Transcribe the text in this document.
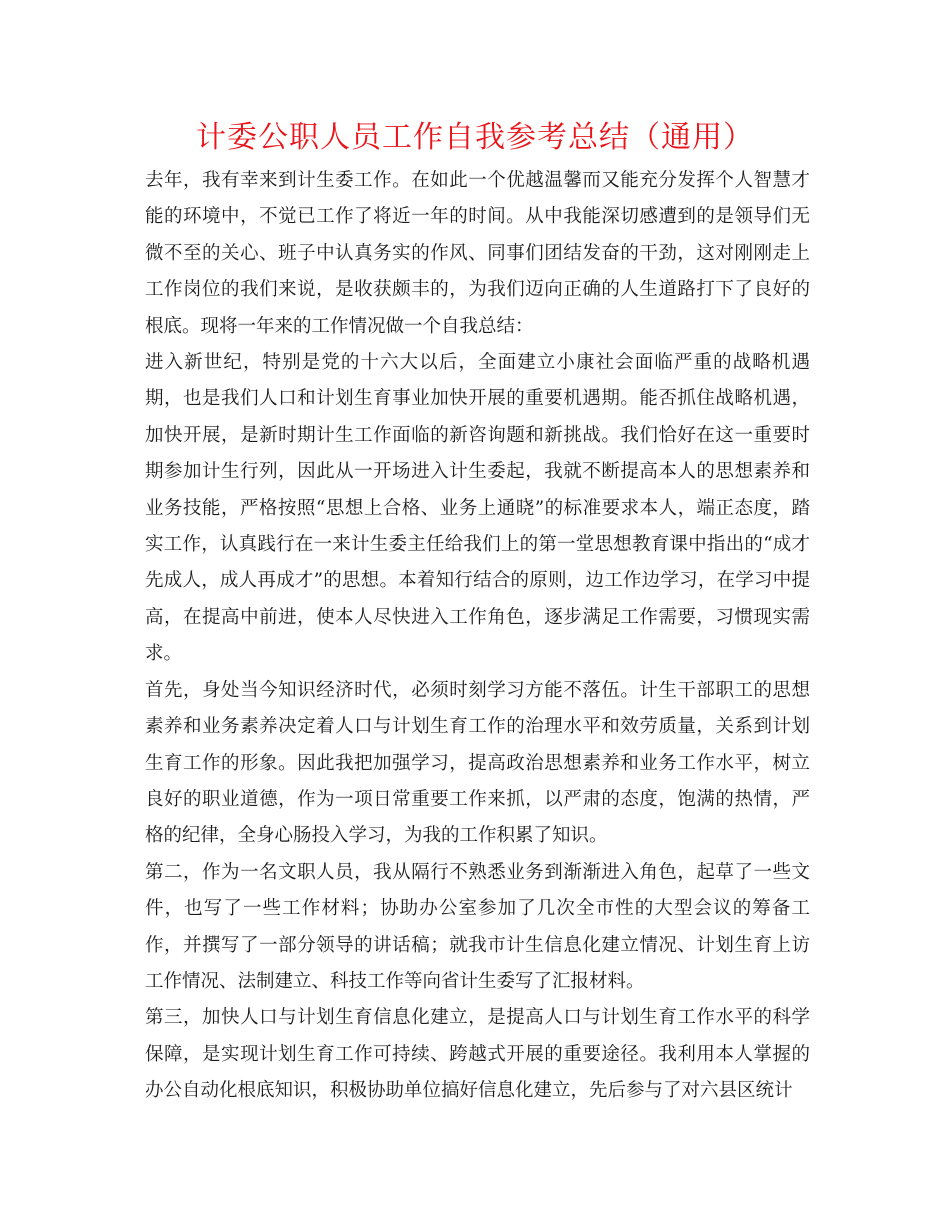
计委公职人员工作自我参考总结（通用）

去年，我有幸来到计生委工作。在如此一个优越温馨而又能充分发挥个人智慧才能的环境中，不觉已工作了将近一年的时间。从中我能深切感遭到的是领导们无微不至的关心、班子中认真务实的作风、同事们团结发奋的干劲，这对刚刚走上工作岗位的我们来说，是收获颇丰的，为我们迈向正确的人生道路打下了良好的根底。现将一年来的工作情况做一个自我总结：

进入新世纪，特别是党的十六大以后，全面建立小康社会面临严重的战略机遇期，也是我们人口和计划生育事业加快开展的重要机遇期。能否抓住战略机遇，加快开展，是新时期计生工作面临的新咨询题和新挑战。我们恰好在这一重要时期参加计生行列，因此从一开场进入计生委起，我就不断提高本人的思想素养和业务技能，严格按照“思想上合格、业务上通晓”的标准要求本人，端正态度，踏实工作，认真践行在一来计生委主任给我们上的第一堂思想教育课中指出的“成才先成人，成人再成才”的思想。本着知行结合的原则，边工作边学习，在学习中提高，在提高中前进，使本人尽快进入工作角色，逐步满足工作需要，习惯现实需求。

首先，身处当今知识经济时代，必须时刻学习方能不落伍。计生干部职工的思想素养和业务素养决定着人口与计划生育工作的治理水平和效劳质量，关系到计划生育工作的形象。因此我把加强学习，提高政治思想素养和业务工作水平，树立良好的职业道德，作为一项日常重要工作来抓，以严肃的态度，饱满的热情，严格的纪律，全身心肠投入学习，为我的工作积累了知识。

第二，作为一名文职人员，我从隔行不熟悉业务到渐渐进入角色，起草了一些文件，也写了一些工作材料；协助办公室参加了几次全市性的大型会议的筹备工作，并撰写了一部分领导的讲话稿；就我市计生信息化建立情况、计划生育上访工作情况、法制建立、科技工作等向省计生委写了汇报材料。

第三，加快人口与计划生育信息化建立，是提高人口与计划生育工作水平的科学保障，是实现计划生育工作可持续、跨越式开展的重要途径。我利用本人掌握的办公自动化根底知识，积极协助单位搞好信息化建立，先后参与了对六县区统计
